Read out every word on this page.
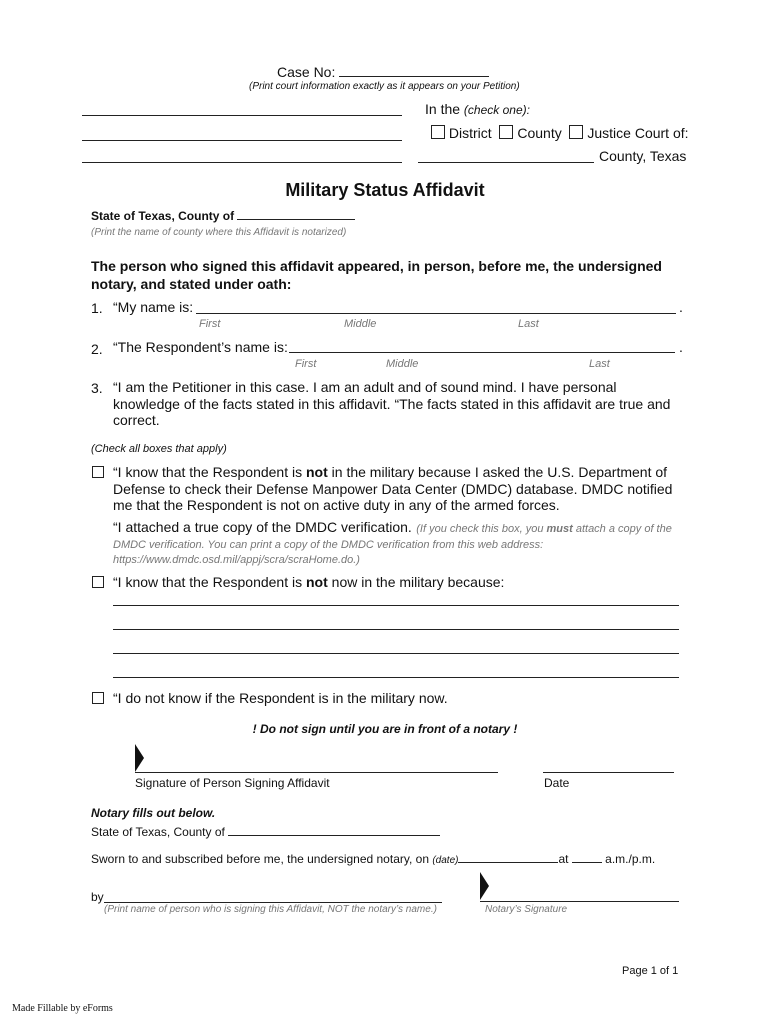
Case No:
(Print court information exactly as it appears on your Petition)
In the (check one):
District County Justice Court of:
County, Texas
Military Status Affidavit
State of Texas, County of
(Print the name of county where this Affidavit is notarized)
The person who signed this affidavit appeared, in person, before me, the undersigned notary, and stated under oath:
1. “My name is:	.
First	Middle	Last
2. “The Respondent’s name is:	.
First	Middle	Last
3. “I am the Petitioner in this case. I am an adult and of sound mind. I have personal knowledge of the facts stated in this affidavit. “The facts stated in this affidavit are true and correct.
(Check all boxes that apply)
“I know that the Respondent is not in the military because I asked the U.S. Department of Defense to check their Defense Manpower Data Center (DMDC) database. DMDC notified me that the Respondent is not on active duty in any of the armed forces.
“I attached a true copy of the DMDC verification. (If you check this box, you must attach a copy of the DMDC verification. You can print a copy of the DMDC verification from this web address: https://www.dmdc.osd.mil/appj/scra/scraHome.do.)
“I know that the Respondent is not now in the military because:
“I do not know if the Respondent is in the military now.
! Do not sign until you are in front of a notary !
Signature of Person Signing Affidavit	Date
Notary fills out below.
State of Texas, County of
Sworn to and subscribed before me, the undersigned notary, on (date)	at	a.m./p.m.
by
(Print name of person who is signing this Affidavit, NOT the notary’s name.)	Notary’s Signature
Page 1 of 1
Made Fillable by eForms
